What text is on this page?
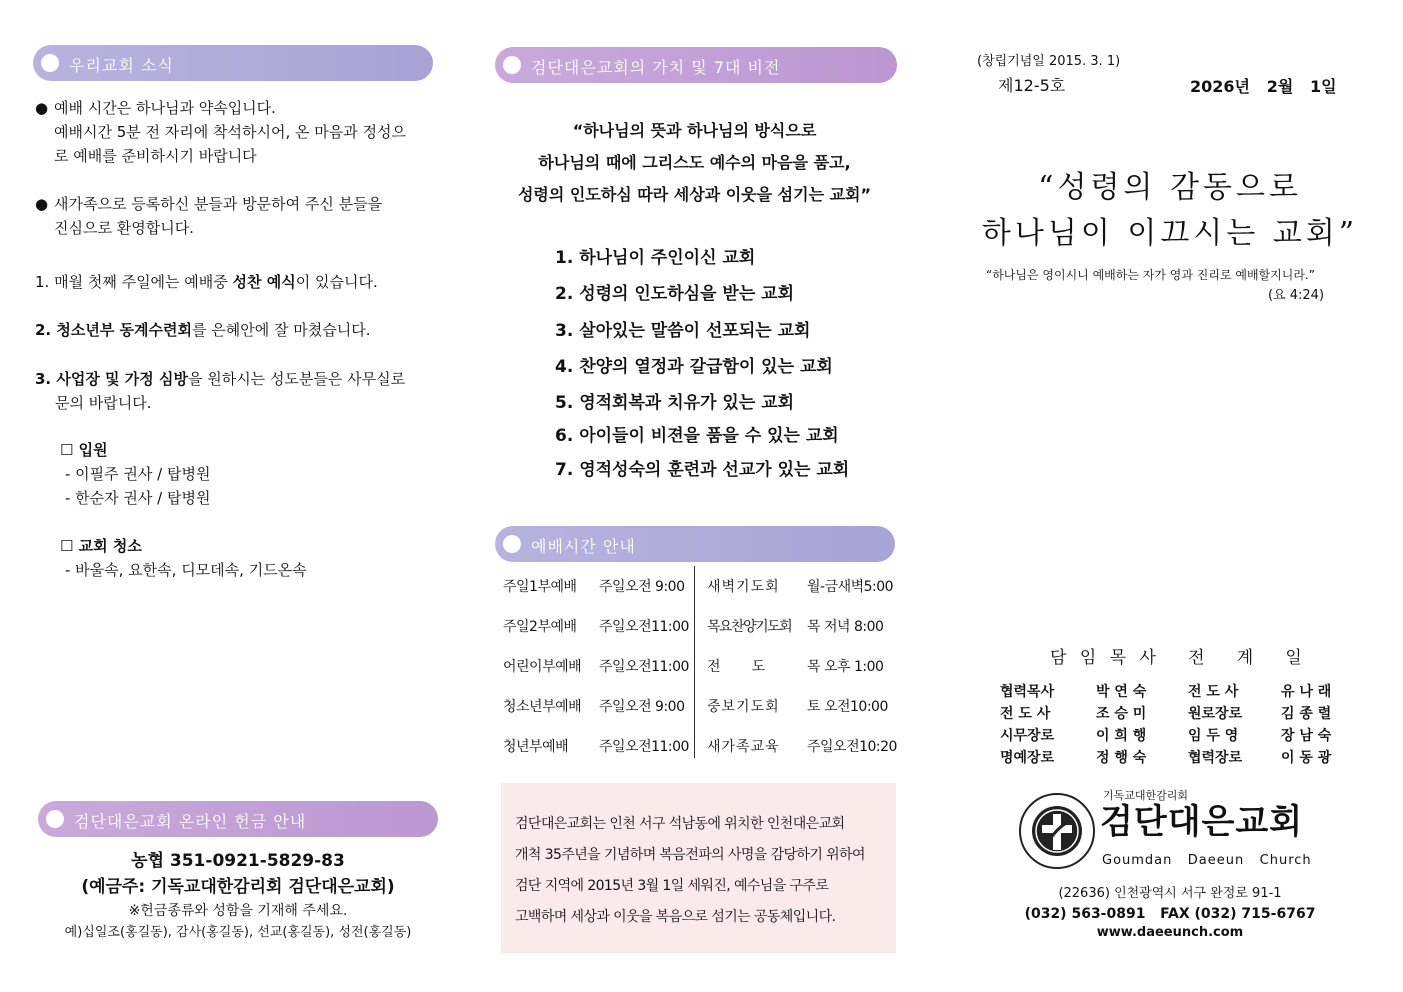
우리교회 소식
● 예배 시간은 하나님과 약속입니다.
예배시간 5분 전 자리에 착석하시어, 온 마음과 정성으
로 예배를 준비하시기 바랍니다
● 새가족으로 등록하신 분들과 방문하여 주신 분들을
진심으로 환영합니다.
1. 매월 첫째 주일에는 예배중 성찬 예식이 있습니다.
2. 청소년부 동계수련회를 은혜안에 잘 마쳤습니다.
3. 사업장 및 가정 심방을 원하시는 성도분들은 사무실로
문의 바랍니다.
☐ 입원
- 이필주 권사 / 탑병원
- 한순자 권사 / 탑병원
☐ 교회 청소
- 바울속, 요한속, 디모데속, 기드온속
검단대은교회 온라인 헌금 안내
농협 351-0921-5829-83
(예금주: 기독교대한감리회 검단대은교회)
※헌금종류와 성함을 기재해 주세요.
예)십일조(홍길동), 감사(홍길동), 선교(홍길동), 성전(홍길동)
검단대은교회의 가치 및 7대 비전
“하나님의 뜻과 하나님의 방식으로
하나님의 때에 그리스도 예수의 마음을 품고,
성령의 인도하심 따라 세상과 이웃을 섬기는 교회”
1. 하나님이 주인이신 교회
2. 성령의 인도하심을 받는 교회
3. 살아있는 말씀이 선포되는 교회
4. 찬양의 열정과 갈급함이 있는 교회
5. 영적회복과 치유가 있는 교회
6. 아이들이 비젼을 품을 수 있는 교회
7. 영적성숙의 훈련과 선교가 있는 교회
예배시간 안내
주일1부예배	주일오전 9:00	새벽기도회	월-금새벽5:00
주일2부예배	주일오전11:00	목요찬양기도회	목 저녁 8:00
어린이부예배	주일오전11:00	전        도	목 오후 1:00
청소년부예배	주일오전 9:00	중보기도회	토 오전10:00
청년부예배	주일오전11:00	새가족교육	주일오전10:20
검단대은교회는 인천 서구 석남동에 위치한 인천대은교회
개척 35주년을 기념하며 복음전파의 사명을 감당하기 위하여
검단 지역에 2015년 3월 1일 세워진, 예수님을 구주로
고백하며 세상과 이웃을 복음으로 섬기는 공동체입니다.
(창립기념일 2015. 3. 1)
제12-5호	2026년   2월   1일
“성령의 감동으로
하나님이 이끄시는 교회”
“하나님은 영이시니 예배하는 자가 영과 진리로 예배할지니라.”
(요 4:24)
담 임 목 사   전   계   일
협력목사	박 연 숙	전 도 사	유 나 래
전 도 사	조 승 미	원로장로	김 종 렬
시무장로	이 희 행	임 두 영	장 남 숙
명예장로	정 행 숙	협력장로	이 동 광
기독교대한감리회
검단대은교회
Goumdan   Daeeun   Church
(22636) 인천광역시 서구 완정로 91-1
(032) 563-0891   FAX (032) 715-6767
www.daeeunch.com
